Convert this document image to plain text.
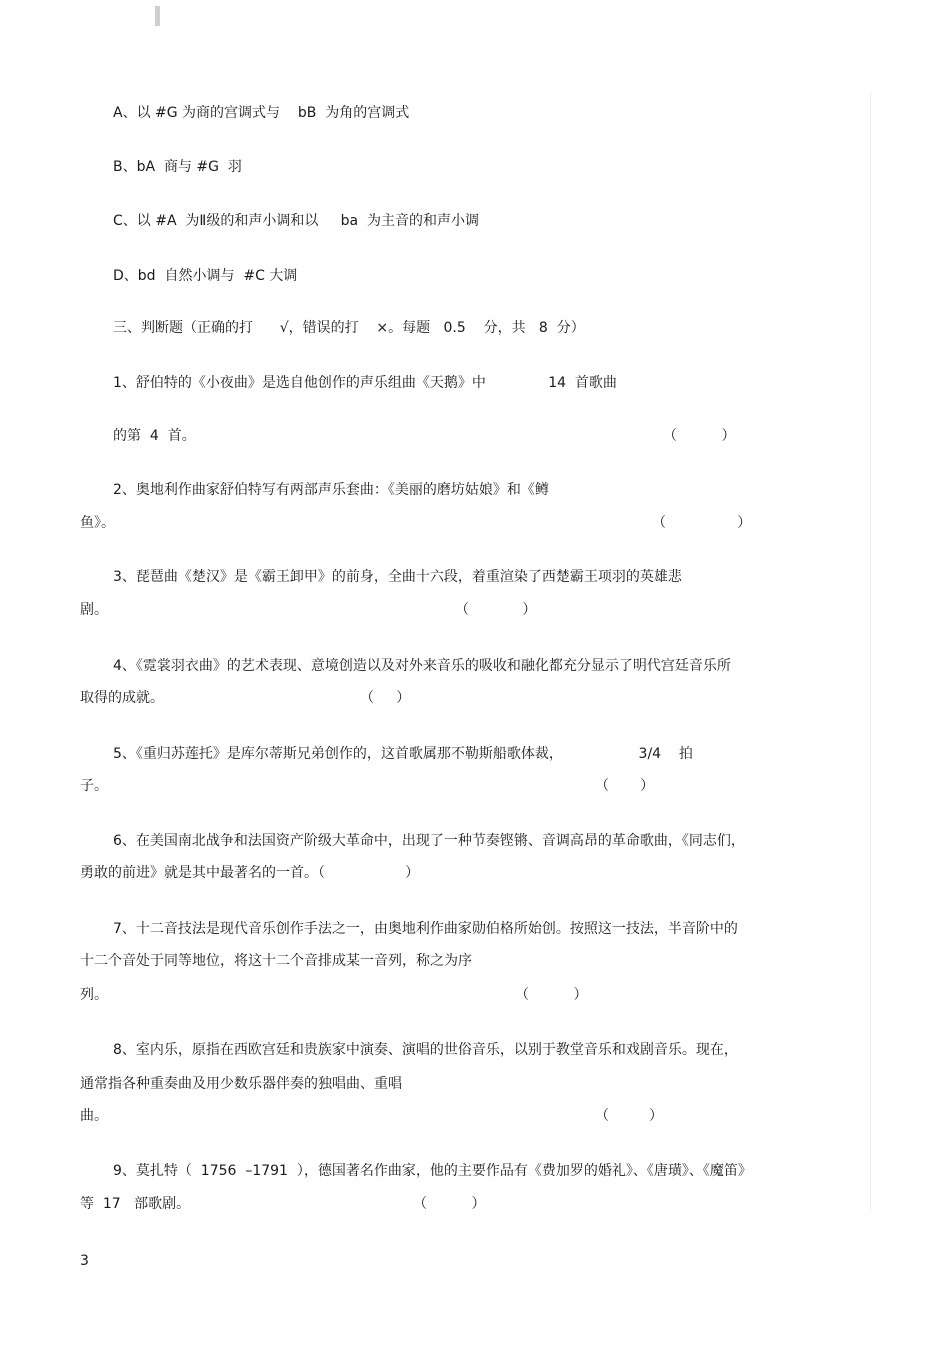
A、以 #G 为商的宫调式与    bB  为角的宫调式
B、bA  商与 #G  羽
C、以 #A  为Ⅱ级的和声小调和以     ba  为主音的和声小调
D、bd  自然小调与  #C 大调
三、判断题（正确的打      √，错误的打    ×。每题   0.5    分，共   8  分）
1、舒伯特的《小夜曲》是选自他创作的声乐组曲《天鹅》中              14  首歌曲
的第  4  首。	（          ）
2、奥地利作曲家舒伯特写有两部声乐套曲：《美丽的磨坊姑娘》和《鳟
鱼》。	（                ）
3、琵琶曲《楚汉》是《霸王卸甲》的前身，全曲十六段，着重渲染了西楚霸王项羽的英雄悲
剧。	（            ）
4、《霓裳羽衣曲》的艺术表现、意境创造以及对外来音乐的吸收和融化都充分显示了明代宫廷音乐所
取得的成就。	（     ）
5、《重归苏莲托》是库尔蒂斯兄弟创作的，这首歌属那不勒斯船歌体裁，                 3/4    拍
子。	（       ）
6、在美国南北战争和法国资产阶级大革命中，出现了一种节奏铿锵、音调高昂的革命歌曲，《同志们，
勇敢的前进》就是其中最著名的一首。（                  ）
7、十二音技法是现代音乐创作手法之一，由奥地利作曲家勋伯格所始创。按照这一技法，半音阶中的
十二个音处于同等地位，将这十二个音排成某一音列，称之为序
列。	（          ）
8、室内乐，原指在西欧宫廷和贵族家中演奏、演唱的世俗音乐，以别于教堂音乐和戏剧音乐。现在，
通常指各种重奏曲及用少数乐器伴奏的独唱曲、重唱
曲。	（         ）
9、莫扎特（  1756  –1791  ），德国著名作曲家，他的主要作品有《费加罗的婚礼》、《唐璜》、《魔笛》
等  17   部歌剧。	（          ）
3
